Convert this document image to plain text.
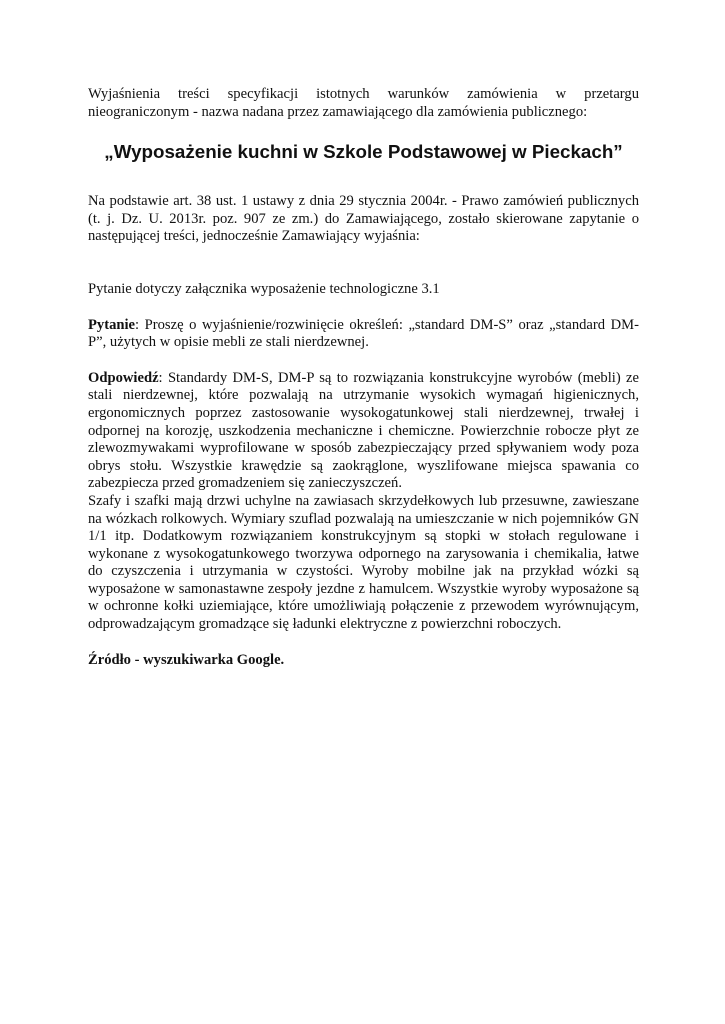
Wyjaśnienia treści specyfikacji istotnych warunków zamówienia w przetargu nieograniczonym - nazwa nadana przez zamawiającego dla zamówienia publicznego:

„Wyposażenie kuchni w Szkole Podstawowej w Pieckach”

Na podstawie art. 38 ust. 1 ustawy z dnia 29 stycznia 2004r. - Prawo zamówień publicznych (t. j. Dz. U. 2013r. poz. 907 ze zm.) do Zamawiającego, zostało skierowane zapytanie o następującej treści, jednocześnie Zamawiający wyjaśnia:

Pytanie dotyczy załącznika wyposażenie technologiczne 3.1

Pytanie: Proszę o wyjaśnienie/rozwinięcie określeń: „standard DM-S” oraz „standard DM-P”, użytych w opisie mebli ze stali nierdzewnej.

Odpowiedź: Standardy DM-S, DM-P są to rozwiązania konstrukcyjne wyrobów (mebli) ze stali nierdzewnej, które pozwalają na utrzymanie wysokich wymagań higienicznych, ergonomicznych poprzez zastosowanie wysokogatunkowej stali nierdzewnej, trwałej i odpornej na korozję, uszkodzenia mechaniczne i chemiczne. Powierzchnie robocze płyt ze zlewozmywakami wyprofilowane w sposób zabezpieczający przed spływaniem wody poza obrys stołu. Wszystkie krawędzie są zaokrąglone, wyszlifowane miejsca spawania co zabezpiecza przed gromadzeniem się zanieczyszczeń.

Szafy i szafki mają drzwi uchylne na zawiasach skrzydełkowych lub przesuwne, zawieszane na wózkach rolkowych. Wymiary szuflad pozwalają na umieszczanie w nich pojemników GN 1/1 itp. Dodatkowym rozwiązaniem konstrukcyjnym są stopki w stołach regulowane i wykonane z wysokogatunkowego tworzywa odpornego na zarysowania i chemikalia, łatwe do czyszczenia i utrzymania w czystości. Wyroby mobilne jak na przykład wózki są wyposażone w samonastawne zespoły jezdne z hamulcem. Wszystkie wyroby wyposażone są w ochronne kołki uziemiające, które umożliwiają połączenie z przewodem wyrównującym, odprowadzającym gromadzące się ładunki elektryczne z powierzchni roboczych.

Źródło - wyszukiwarka Google.
